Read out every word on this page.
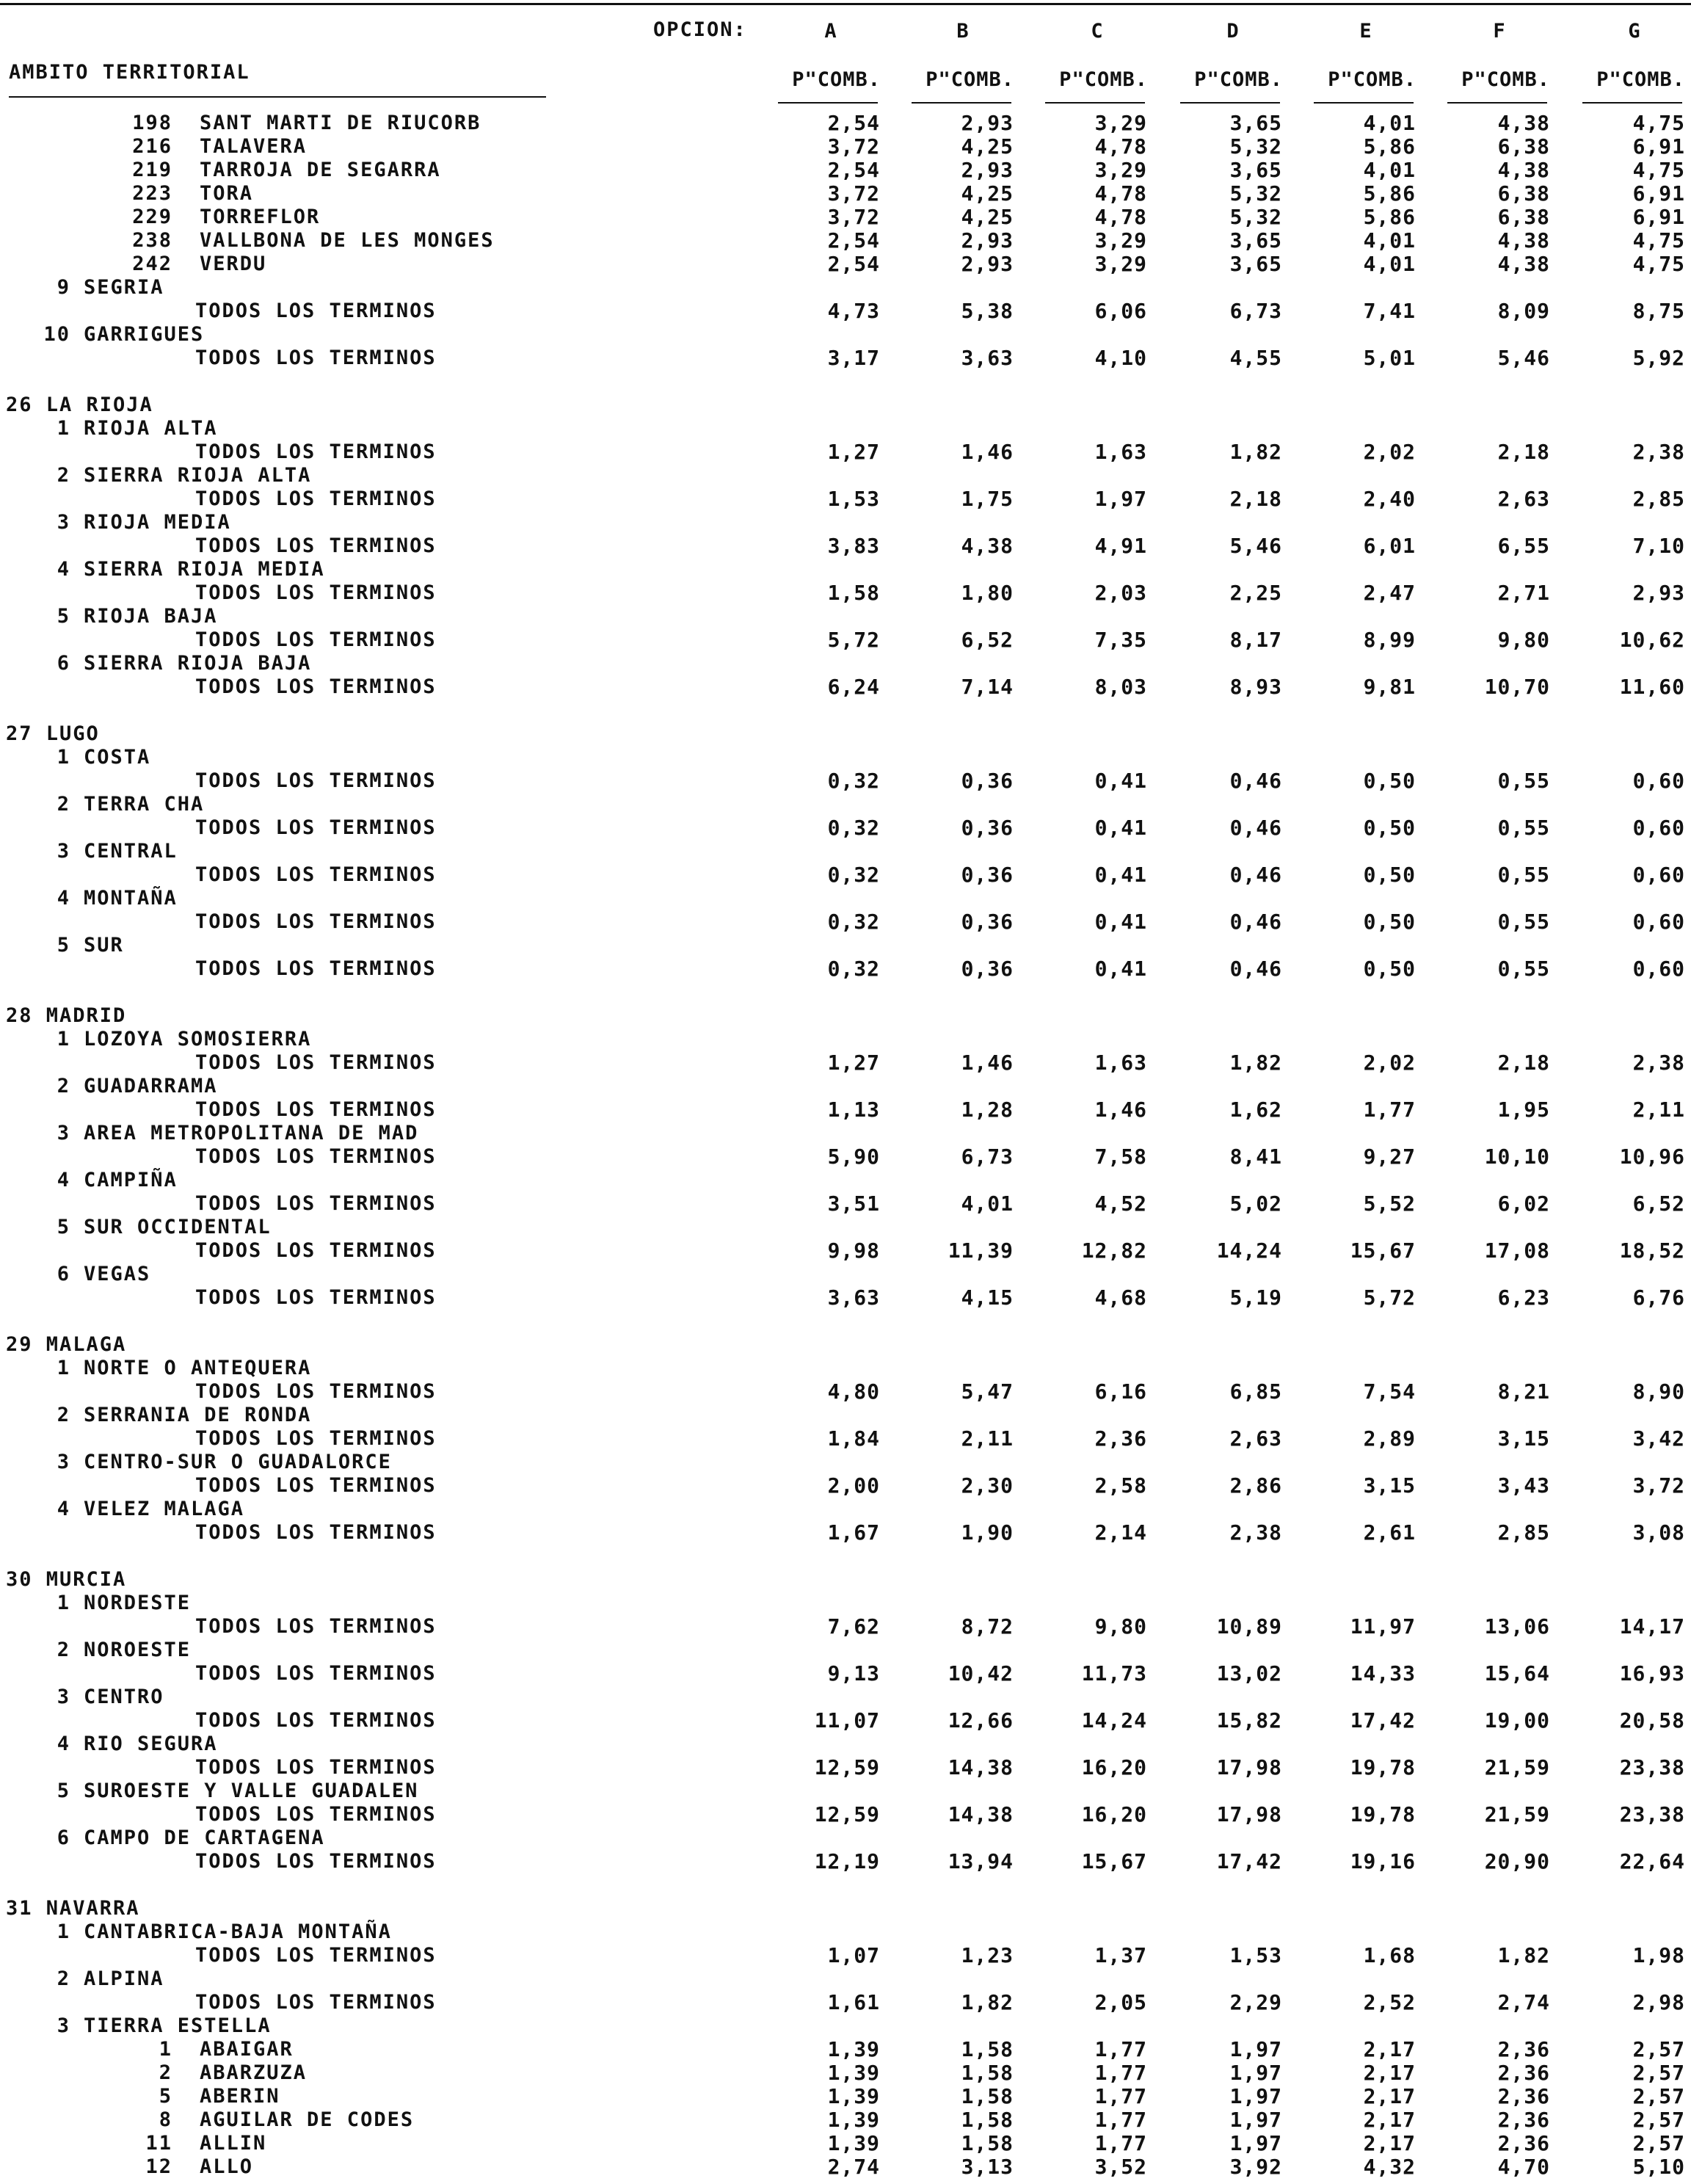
OPCION:
AMBITO TERRITORIAL
A	B	C	D	E	F	G
P"COMB.	P"COMB.	P"COMB.	P"COMB.	P"COMB.	P"COMB.	P"COMB.
198 SANT MARTI DE RIUCORB	2,54	2,93	3,29	3,65	4,01	4,38	4,75
216 TALAVERA	3,72	4,25	4,78	5,32	5,86	6,38	6,91
219 TARROJA DE SEGARRA	2,54	2,93	3,29	3,65	4,01	4,38	4,75
223 TORA	3,72	4,25	4,78	5,32	5,86	6,38	6,91
229 TORREFLOR	3,72	4,25	4,78	5,32	5,86	6,38	6,91
238 VALLBONA DE LES MONGES	2,54	2,93	3,29	3,65	4,01	4,38	4,75
242 VERDU	2,54	2,93	3,29	3,65	4,01	4,38	4,75
9 SEGRIA
TODOS LOS TERMINOS	4,73	5,38	6,06	6,73	7,41	8,09	8,75
10 GARRIGUES
TODOS LOS TERMINOS	3,17	3,63	4,10	4,55	5,01	5,46	5,92
26 LA RIOJA
1 RIOJA ALTA
TODOS LOS TERMINOS	1,27	1,46	1,63	1,82	2,02	2,18	2,38
2 SIERRA RIOJA ALTA
TODOS LOS TERMINOS	1,53	1,75	1,97	2,18	2,40	2,63	2,85
3 RIOJA MEDIA
TODOS LOS TERMINOS	3,83	4,38	4,91	5,46	6,01	6,55	7,10
4 SIERRA RIOJA MEDIA
TODOS LOS TERMINOS	1,58	1,80	2,03	2,25	2,47	2,71	2,93
5 RIOJA BAJA
TODOS LOS TERMINOS	5,72	6,52	7,35	8,17	8,99	9,80	10,62
6 SIERRA RIOJA BAJA
TODOS LOS TERMINOS	6,24	7,14	8,03	8,93	9,81	10,70	11,60
27 LUGO
1 COSTA
TODOS LOS TERMINOS	0,32	0,36	0,41	0,46	0,50	0,55	0,60
2 TERRA CHA
TODOS LOS TERMINOS	0,32	0,36	0,41	0,46	0,50	0,55	0,60
3 CENTRAL
TODOS LOS TERMINOS	0,32	0,36	0,41	0,46	0,50	0,55	0,60
4 MONTAÑA
TODOS LOS TERMINOS	0,32	0,36	0,41	0,46	0,50	0,55	0,60
5 SUR
TODOS LOS TERMINOS	0,32	0,36	0,41	0,46	0,50	0,55	0,60
28 MADRID
1 LOZOYA SOMOSIERRA
TODOS LOS TERMINOS	1,27	1,46	1,63	1,82	2,02	2,18	2,38
2 GUADARRAMA
TODOS LOS TERMINOS	1,13	1,28	1,46	1,62	1,77	1,95	2,11
3 AREA METROPOLITANA DE MAD
TODOS LOS TERMINOS	5,90	6,73	7,58	8,41	9,27	10,10	10,96
4 CAMPIÑA
TODOS LOS TERMINOS	3,51	4,01	4,52	5,02	5,52	6,02	6,52
5 SUR OCCIDENTAL
TODOS LOS TERMINOS	9,98	11,39	12,82	14,24	15,67	17,08	18,52
6 VEGAS
TODOS LOS TERMINOS	3,63	4,15	4,68	5,19	5,72	6,23	6,76
29 MALAGA
1 NORTE O ANTEQUERA
TODOS LOS TERMINOS	4,80	5,47	6,16	6,85	7,54	8,21	8,90
2 SERRANIA DE RONDA
TODOS LOS TERMINOS	1,84	2,11	2,36	2,63	2,89	3,15	3,42
3 CENTRO-SUR O GUADALORCE
TODOS LOS TERMINOS	2,00	2,30	2,58	2,86	3,15	3,43	3,72
4 VELEZ MALAGA
TODOS LOS TERMINOS	1,67	1,90	2,14	2,38	2,61	2,85	3,08
30 MURCIA
1 NORDESTE
TODOS LOS TERMINOS	7,62	8,72	9,80	10,89	11,97	13,06	14,17
2 NOROESTE
TODOS LOS TERMINOS	9,13	10,42	11,73	13,02	14,33	15,64	16,93
3 CENTRO
TODOS LOS TERMINOS	11,07	12,66	14,24	15,82	17,42	19,00	20,58
4 RIO SEGURA
TODOS LOS TERMINOS	12,59	14,38	16,20	17,98	19,78	21,59	23,38
5 SUROESTE Y VALLE GUADALEN
TODOS LOS TERMINOS	12,59	14,38	16,20	17,98	19,78	21,59	23,38
6 CAMPO DE CARTAGENA
TODOS LOS TERMINOS	12,19	13,94	15,67	17,42	19,16	20,90	22,64
31 NAVARRA
1 CANTABRICA-BAJA MONTAÑA
TODOS LOS TERMINOS	1,07	1,23	1,37	1,53	1,68	1,82	1,98
2 ALPINA
TODOS LOS TERMINOS	1,61	1,82	2,05	2,29	2,52	2,74	2,98
3 TIERRA ESTELLA
1 ABAIGAR	1,39	1,58	1,77	1,97	2,17	2,36	2,57
2 ABARZUZA	1,39	1,58	1,77	1,97	2,17	2,36	2,57
5 ABERIN	1,39	1,58	1,77	1,97	2,17	2,36	2,57
8 AGUILAR DE CODES	1,39	1,58	1,77	1,97	2,17	2,36	2,57
11 ALLIN	1,39	1,58	1,77	1,97	2,17	2,36	2,57
12 ALLO	2,74	3,13	3,52	3,92	4,32	4,70	5,10
